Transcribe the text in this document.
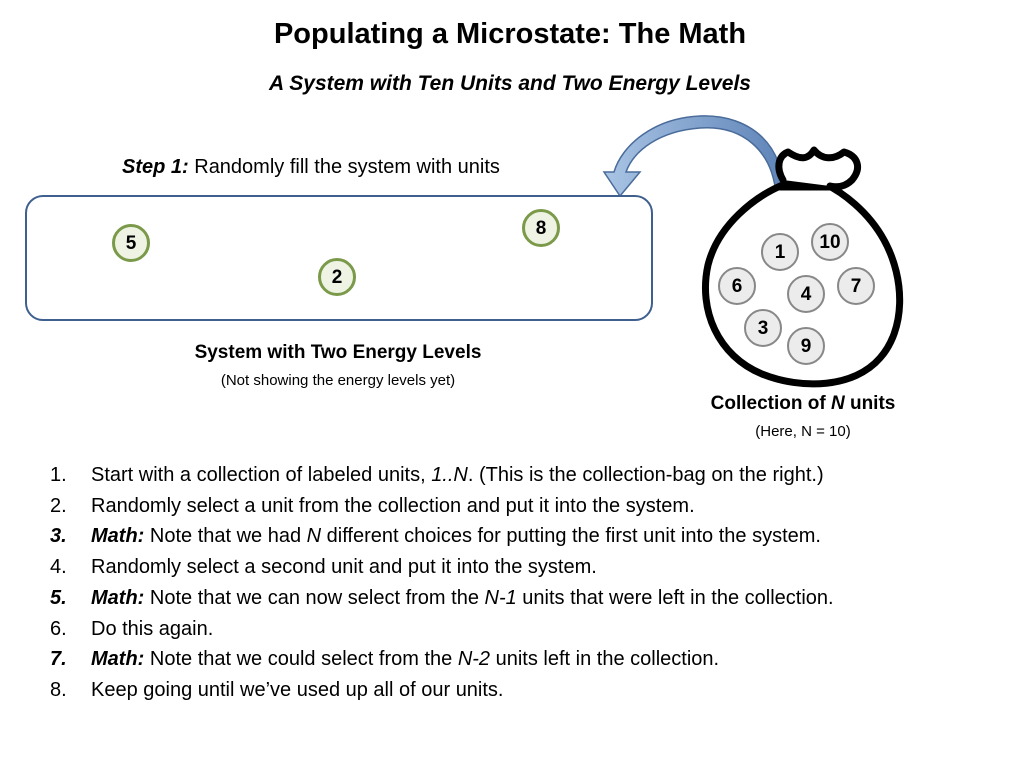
Populating a Microstate: The Math
A System with Ten Units and Two Energy Levels
Step 1: Randomly fill the system with units
5
2
8
System with Two Energy Levels
(Not showing the energy levels yet)
1	10
6	4	7
3
9
Collection of N units
(Here, N = 10)
1.	Start with a collection of labeled units, 1..N. (This is the collection-bag on the right.)
2.	Randomly select a unit from the collection and put it into the system.
3.	Math: Note that we had N different choices for putting the first unit into the system.
4.	Randomly select a second unit and put it into the system.
5.	Math: Note that we can now select from the N-1 units that were left in the collection.
6.	Do this again.
7.	Math: Note that we could select from the N-2 units left in the collection.
8.	Keep going until we’ve used up all of our units.
